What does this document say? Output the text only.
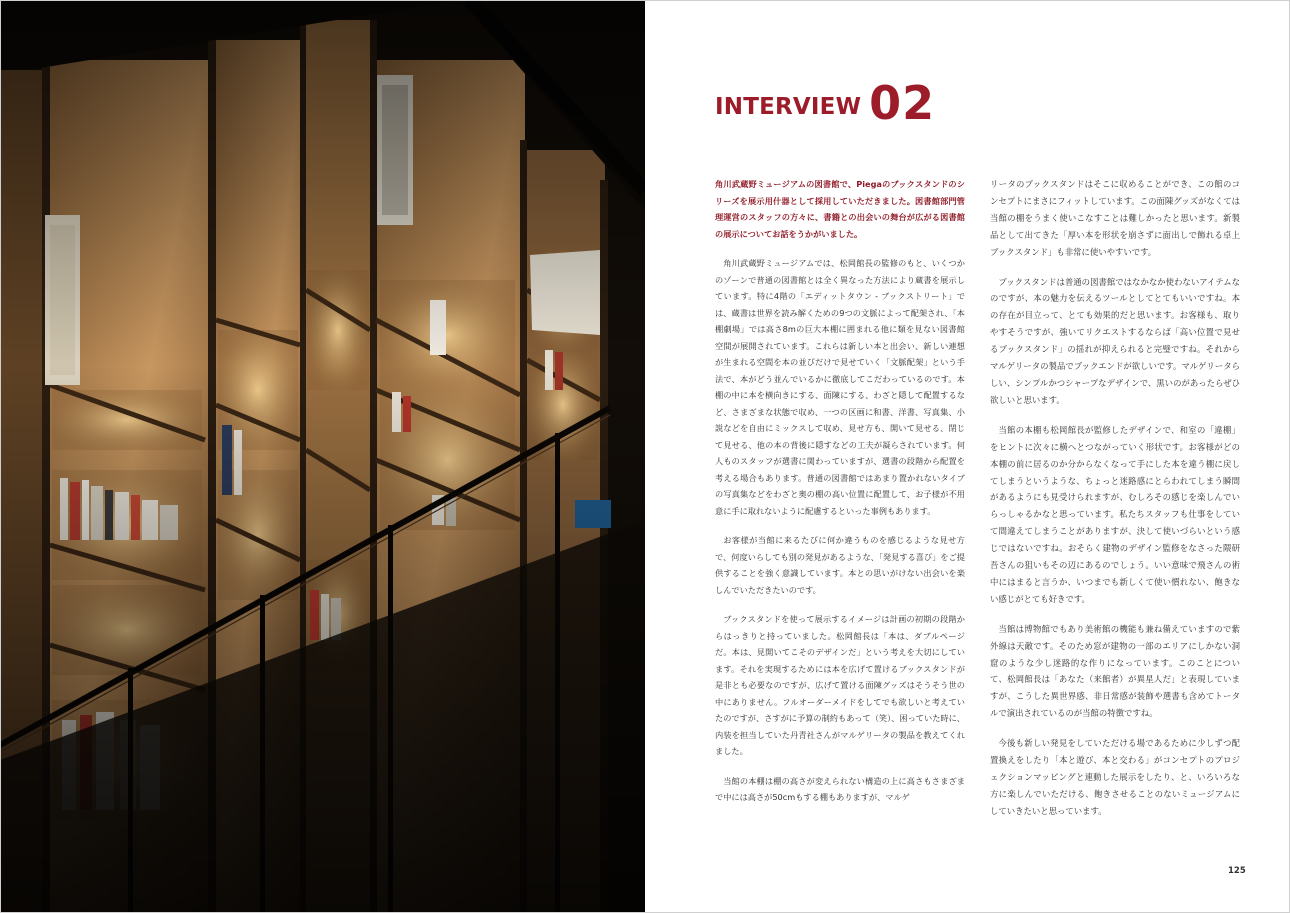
INTERVIEW 02

角川武蔵野ミュージアムの図書館で、Piegaのブックスタンドのシリーズを展示用什器として採用していただきました。図書館部門管理運営のスタッフの方々に、書籍との出会いの舞台が広がる図書館の展示についてお話をうかがいました。

角川武蔵野ミュージアムでは、松岡館長の監修のもと、いくつかのゾーンで普通の図書館とは全く異なった方法により蔵書を展示しています。特に4階の「エディットタウン - ブックストリート」では、蔵書は世界を読み解くための9つの文脈によって配架され、「本棚劇場」では高さ8mの巨大本棚に囲まれる他に類を見ない図書館空間が展開されています。これらは新しい本と出会い、新しい連想が生まれる空間を本の並びだけで見せていく「文脈配架」という手法で、本がどう並んでいるかに徹底してこだわっているのです。本棚の中に本を横向きにする、面陳にする、わざと隠して配置するなど、さまざまな状態で収め、一つの区画に和書、洋書、写真集、小説などを自由にミックスして収め、見せ方も、開いて見せる、閉じて見せる、他の本の背後に隠すなどの工夫が凝らされています。何人ものスタッフが選書に関わっていますが、選書の段階から配置を考える場合もあります。普通の図書館ではあまり置かれないタイプの写真集などをわざと奥の棚の高い位置に配置して、お子様が不用意に手に取れないように配慮するといった事例もあります。

お客様が当館に来るたびに何か違うものを感じるような見せ方で、何度いらしても別の発見があるような、「発見する喜び」をご提供することを強く意識しています。本との思いがけない出会いを楽しんでいただきたいのです。

ブックスタンドを使って展示するイメージは計画の初期の段階からはっきりと持っていました。松岡館長は「本は、ダブルページだ。本は、見開いてこそのデザインだ」という考えを大切にしています。それを実現するためには本を広げて置けるブックスタンドが是非とも必要なのですが、広げて置ける面陳グッズはそうそう世の中にありません。フルオーダーメイドをしてでも欲しいと考えていたのですが、さすがに予算の制約もあって（笑）、困っていた時に、内装を担当していた丹青社さんがマルゲリータの製品を教えてくれました。

当館の本棚は棚の高さが変えられない構造の上に高さもさまざまで中には高さが50cmもする棚もありますが、マルゲ

リータのブックスタンドはそこに収めることができ、この館のコンセプトにまさにフィットしています。この面陳グッズがなくては当館の棚をうまく使いこなすことは難しかったと思います。新製品として出てきた「厚い本を形状を崩さずに面出しで飾れる卓上ブックスタンド」も非常に使いやすいです。

ブックスタンドは普通の図書館ではなかなか使わないアイテムなのですが、本の魅力を伝えるツールとしてとてもいいですね。本の存在が目立って、とても効果的だと思います。お客様も、取りやすそうですが、強いてリクエストするならば「高い位置で見せるブックスタンド」の揺れが抑えられると完璧ですね。それからマルゲリータの製品でブックエンドが欲しいです。マルゲリータらしい、シンプルかつシャープなデザインで、黒いのがあったらぜひ欲しいと思います。

当館の本棚も松岡館長が監修したデザインで、和室の「違棚」をヒントに次々に横へとつながっていく形状です。お客様がどの本棚の前に居るのか分からなくなって手にした本を違う棚に戻してしまうというような、ちょっと迷路感にとらわれてしまう瞬間があるようにも見受けられますが、むしろその感じを楽しんでいらっしゃるかなと思っています。私たちスタッフも仕事をしていて間違えてしまうことがありますが、決して使いづらいという感じではないですね。おそらく建物のデザイン監修をなさった隈研吾さんの狙いもその辺にあるのでしょう。いい意味で飛さんの術中にはまると言うか、いつまでも新しくて使い慣れない、飽きない感じがとても好きです。

当館は博物館でもあり美術館の機能も兼ね備えていますので紫外線は天敵です。そのため窓が建物の一部のエリアにしかない洞窟のような少し迷路的な作りになっています。このことについて、松岡館長は「あなた（来館者）が異星人だ」と表現していますが、こうした異世界感、非日常感が装飾や選書も含めてトータルで演出されているのが当館の特徴ですね。

今後も新しい発見をしていただける場であるために少しずつ配置換えをしたり「本と遊び、本と交わる」がコンセプトのプロジェクションマッピングと連動した展示をしたり、と、いろいろな方に楽しんでいただける、飽きさせることのないミュージアムにしていきたいと思っています。

125
